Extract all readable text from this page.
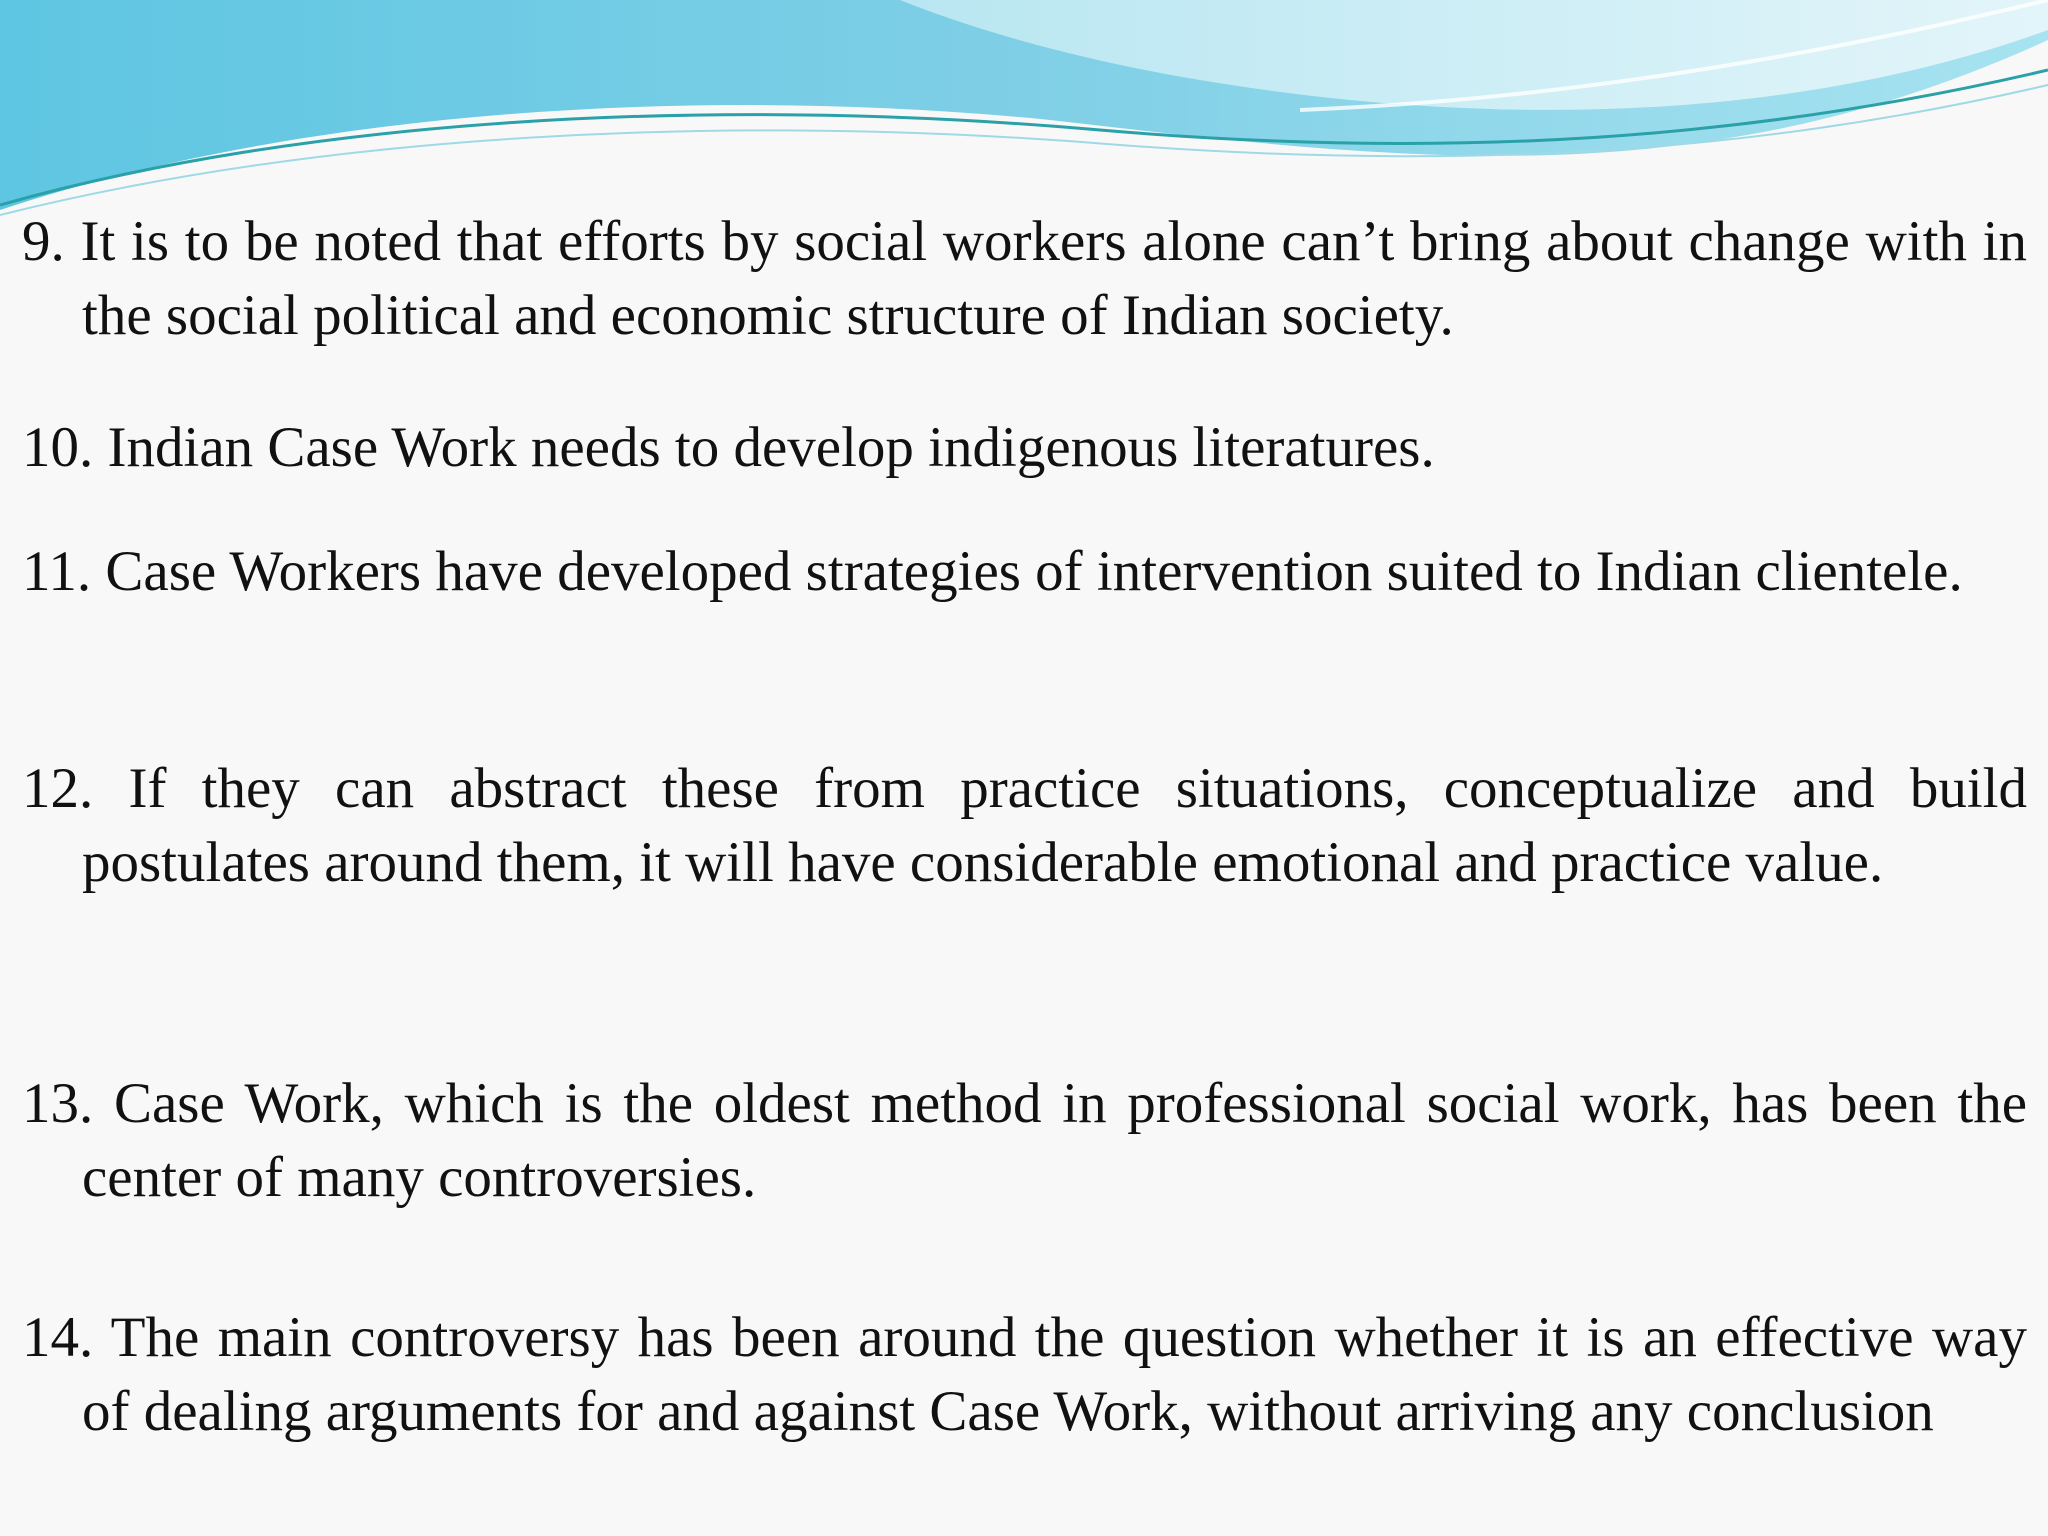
9. It is to be noted that efforts by social workers alone can’t bring about change with in the social political and economic structure of Indian society.
10. Indian Case Work needs to develop indigenous literatures.
11. Case Workers have developed strategies of intervention suited to Indian clientele.
12. If they can abstract these from practice situations, conceptualize and build postulates around them, it will have considerable emotional and practice value.
13. Case Work, which is the oldest method in professional social work, has been the center of many controversies.
14. The main controversy has been around the question whether it is an effective way of dealing arguments for and against Case Work, without arriving any conclusion
